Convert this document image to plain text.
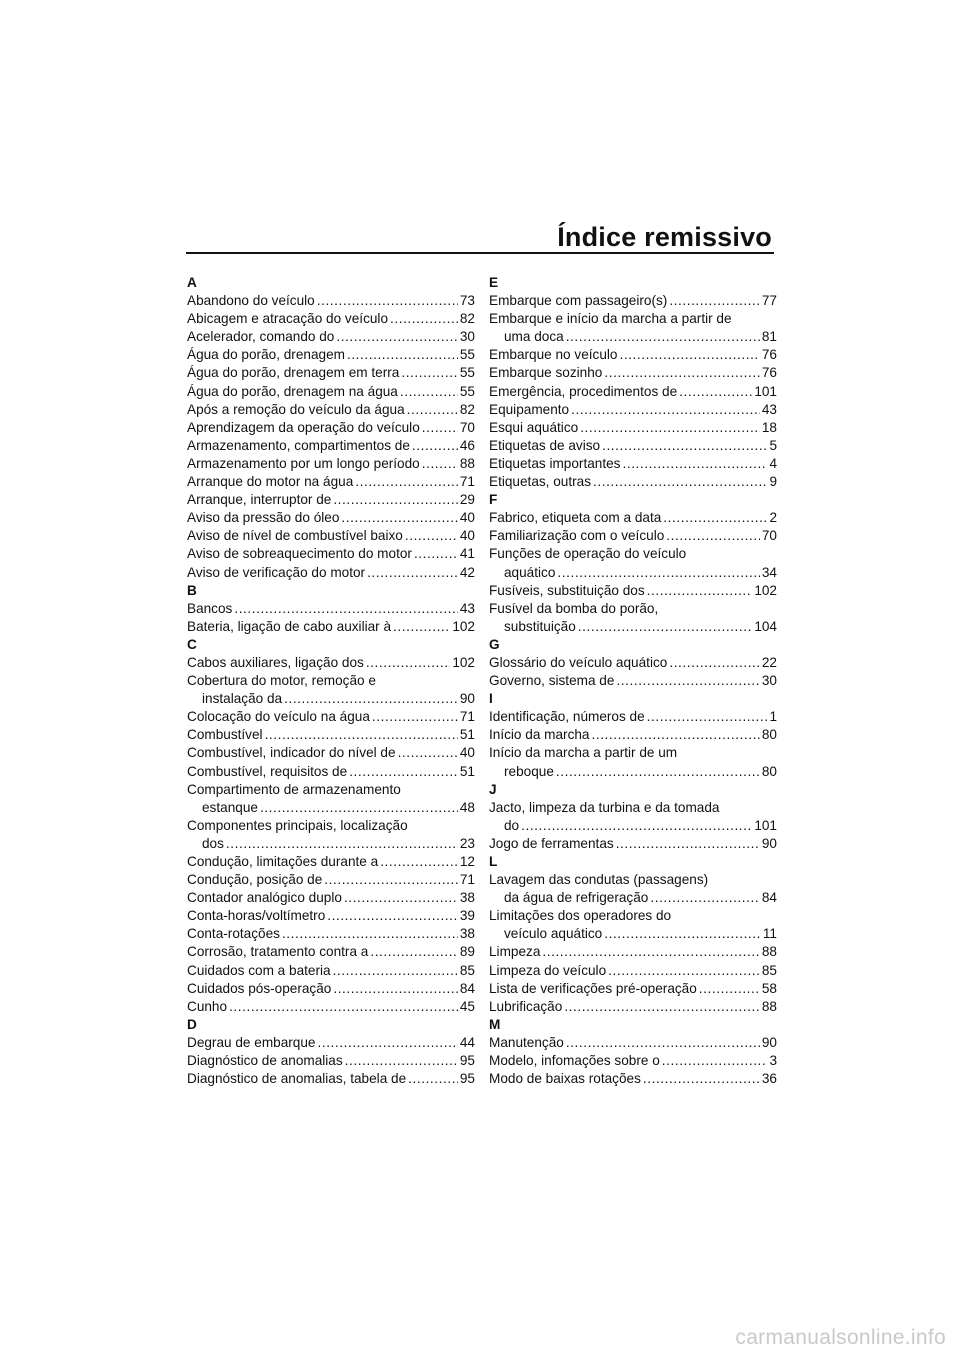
Índice remissivo
A
Abandono do veículo . . .	73
Abicagem e atracação do veículo . . .	82
Acelerador, comando do . . .	30
Água do porão, drenagem . . .	55
Água do porão, drenagem em terra . . .	55
Água do porão, drenagem na água . . .	55
Após a remoção do veículo da água . . .	82
Aprendizagem da operação do veículo . . .	70
Armazenamento, compartimentos de . . .	46
Armazenamento por um longo período . . .	88
Arranque do motor na água . . .	71
Arranque, interruptor de . . .	29
Aviso da pressão do óleo . . .	40
Aviso de nível de combustível baixo . . .	40
Aviso de sobreaquecimento do motor . . .	41
Aviso de verificação do motor . . .	42
B
Bancos . . .	43
Bateria, ligação de cabo auxiliar à . . .	102
C
Cabos auxiliares, ligação dos . . .	102
Cobertura do motor, remoção e
instalação da . . .	90
Colocação do veículo na água . . .	71
Combustível . . .	51
Combustível, indicador do nível de . . .	40
Combustível, requisitos de . . .	51
Compartimento de armazenamento
estanque . . .	48
Componentes principais, localização
dos . . .	23
Condução, limitações durante a . . .	12
Condução, posição de . . .	71
Contador analógico duplo . . .	38
Conta-horas/voltímetro . . .	39
Conta-rotações . . .	38
Corrosão, tratamento contra a . . .	89
Cuidados com a bateria . . .	85
Cuidados pós-operação . . .	84
Cunho . . .	45
D
Degrau de embarque . . .	44
Diagnóstico de anomalias . . .	95
Diagnóstico de anomalias, tabela de . . .	95
E
Embarque com passageiro(s) . . .	77
Embarque e início da marcha a partir de
uma doca . . .	81
Embarque no veículo . . .	76
Embarque sozinho . . .	76
Emergência, procedimentos de . . .	101
Equipamento . . .	43
Esqui aquático . . .	18
Etiquetas de aviso . . .	5
Etiquetas importantes . . .	4
Etiquetas, outras . . .	9
F
Fabrico, etiqueta com a data . . .	2
Familiarização com o veículo . . .	70
Funções de operação do veículo
aquático . . .	34
Fusíveis, substituição dos . . .	102
Fusível da bomba do porão,
substituição . . .	104
G
Glossário do veículo aquático . . .	22
Governo, sistema de . . .	30
I
Identificação, números de . . .	1
Início da marcha . . .	80
Início da marcha a partir de um
reboque . . .	80
J
Jacto, limpeza da turbina e da tomada
do . . .	101
Jogo de ferramentas . . .	90
L
Lavagem das condutas (passagens)
da água de refrigeração . . .	84
Limitações dos operadores do
veículo aquático . . .	11
Limpeza . . .	88
Limpeza do veículo . . .	85
Lista de verificações pré-operação . . .	58
Lubrificação . . .	88
M
Manutenção . . .	90
Modelo, infomações sobre o . . .	3
Modo de baixas rotações . . .	36
carmanualsonline.info
